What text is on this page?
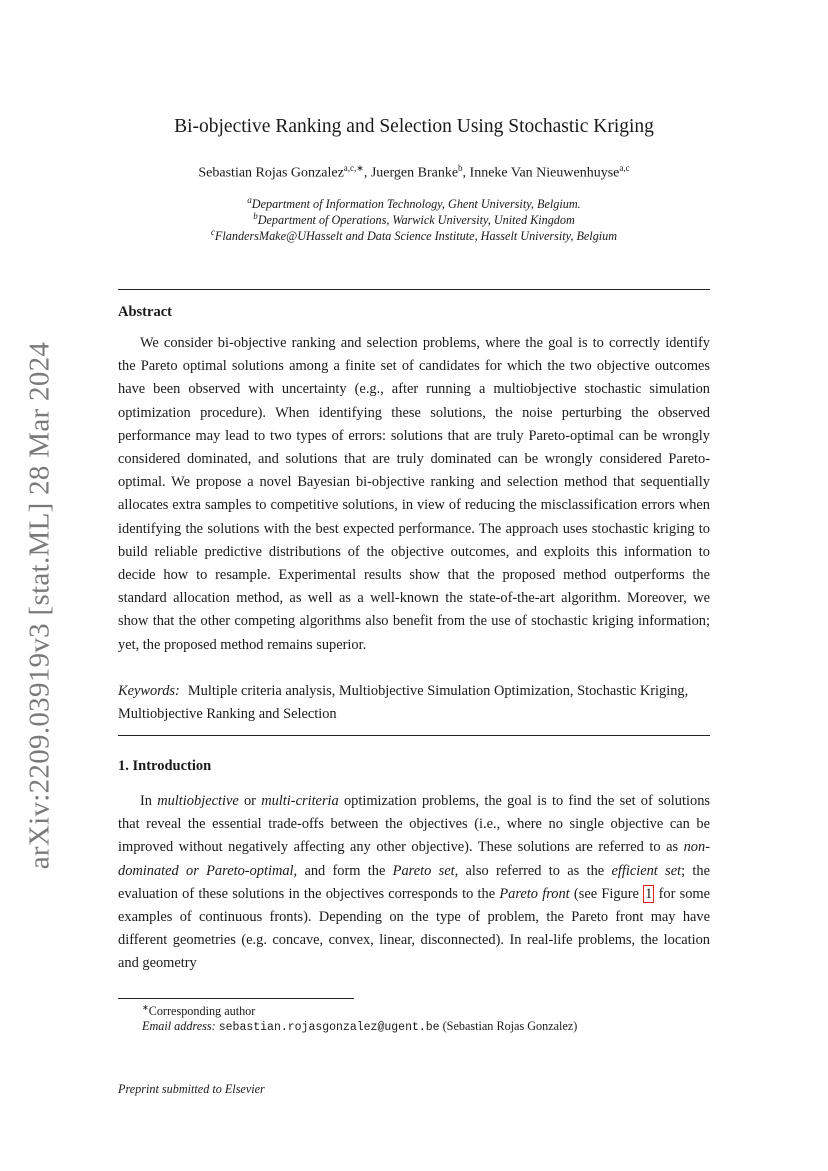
arXiv:2209.03919v3 [stat.ML] 28 Mar 2024
Bi-objective Ranking and Selection Using Stochastic Kriging
Sebastian Rojas Gonzalez$^{a,c,∗}$, Juergen Branke$^b$, Inneke Van Nieuwenhuyse$^{a,c}$
$^a$Department of Information Technology, Ghent University, Belgium.
$^b$Department of Operations, Warwick University, United Kingdom
$^c$FlandersMake@UHasselt and Data Science Institute, Hasselt University, Belgium
Abstract
We consider bi-objective ranking and selection problems, where the goal is to correctly identify the Pareto optimal solutions among a finite set of candidates for which the two objective outcomes have been observed with uncertainty (e.g., after running a multiobjective stochastic simulation optimization procedure). When identifying these solutions, the noise perturbing the observed performance may lead to two types of errors: solutions that are truly Pareto-optimal can be wrongly considered dominated, and solutions that are truly dominated can be wrongly considered Pareto-optimal. We propose a novel Bayesian bi-objective ranking and selection method that sequentially allocates extra samples to competitive solutions, in view of reducing the misclassification errors when identifying the solutions with the best expected performance. The approach uses stochastic kriging to build reliable predictive distributions of the objective outcomes, and exploits this information to decide how to resample. Experimental results show that the proposed method outperforms the standard allocation method, as well as a well-known the state-of-the-art algorithm. Moreover, we show that the other competing algorithms also benefit from the use of stochastic kriging information; yet, the proposed method remains superior.
Keywords: Multiple criteria analysis, Multiobjective Simulation Optimization, Stochastic Kriging, Multiobjective Ranking and Selection
1. Introduction
In multiobjective or multi-criteria optimization problems, the goal is to find the set of solutions that reveal the essential trade-offs between the objectives (i.e., where no single objective can be improved without negatively affecting any other objective). These solutions are referred to as non-dominated or Pareto-optimal, and form the Pareto set, also referred to as the efficient set; the evaluation of these solutions in the objectives corresponds to the Pareto front (see Figure 1 for some examples of continuous fronts). Depending on the type of problem, the Pareto front may have different geometries (e.g. concave, convex, linear, disconnected). In real-life problems, the location and geometry
∗Corresponding author
Email address: sebastian.rojasgonzalez@ugent.be (Sebastian Rojas Gonzalez)
Preprint submitted to Elsevier
